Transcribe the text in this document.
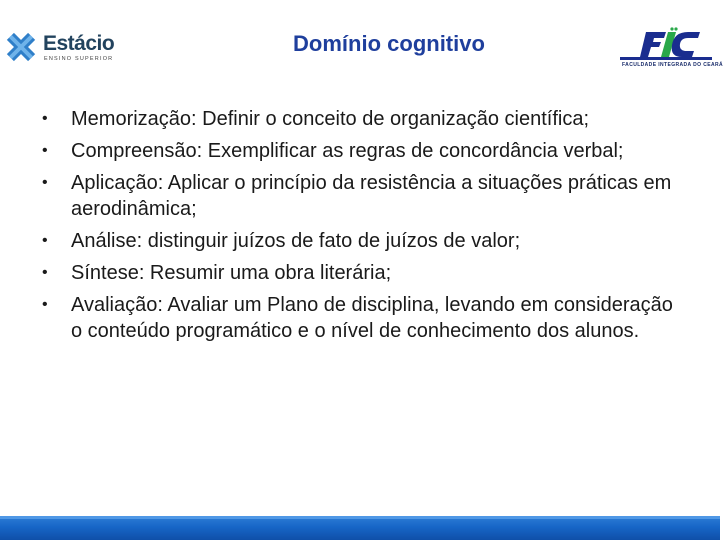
Estácio
ENSINO SUPERIOR
Domínio cognitivo
FACULDADE INTEGRADA DO CEARÁ
• Memorização: Definir o conceito de organização científica;
• Compreensão: Exemplificar as regras de concordância verbal;
• Aplicação: Aplicar o princípio da resistência a situações práticas em aerodinâmica;
• Análise: distinguir juízos de fato de juízos de valor;
• Síntese: Resumir uma obra literária;
• Avaliação: Avaliar um Plano de disciplina, levando em consideração o conteúdo programático e o nível de conhecimento dos alunos.
